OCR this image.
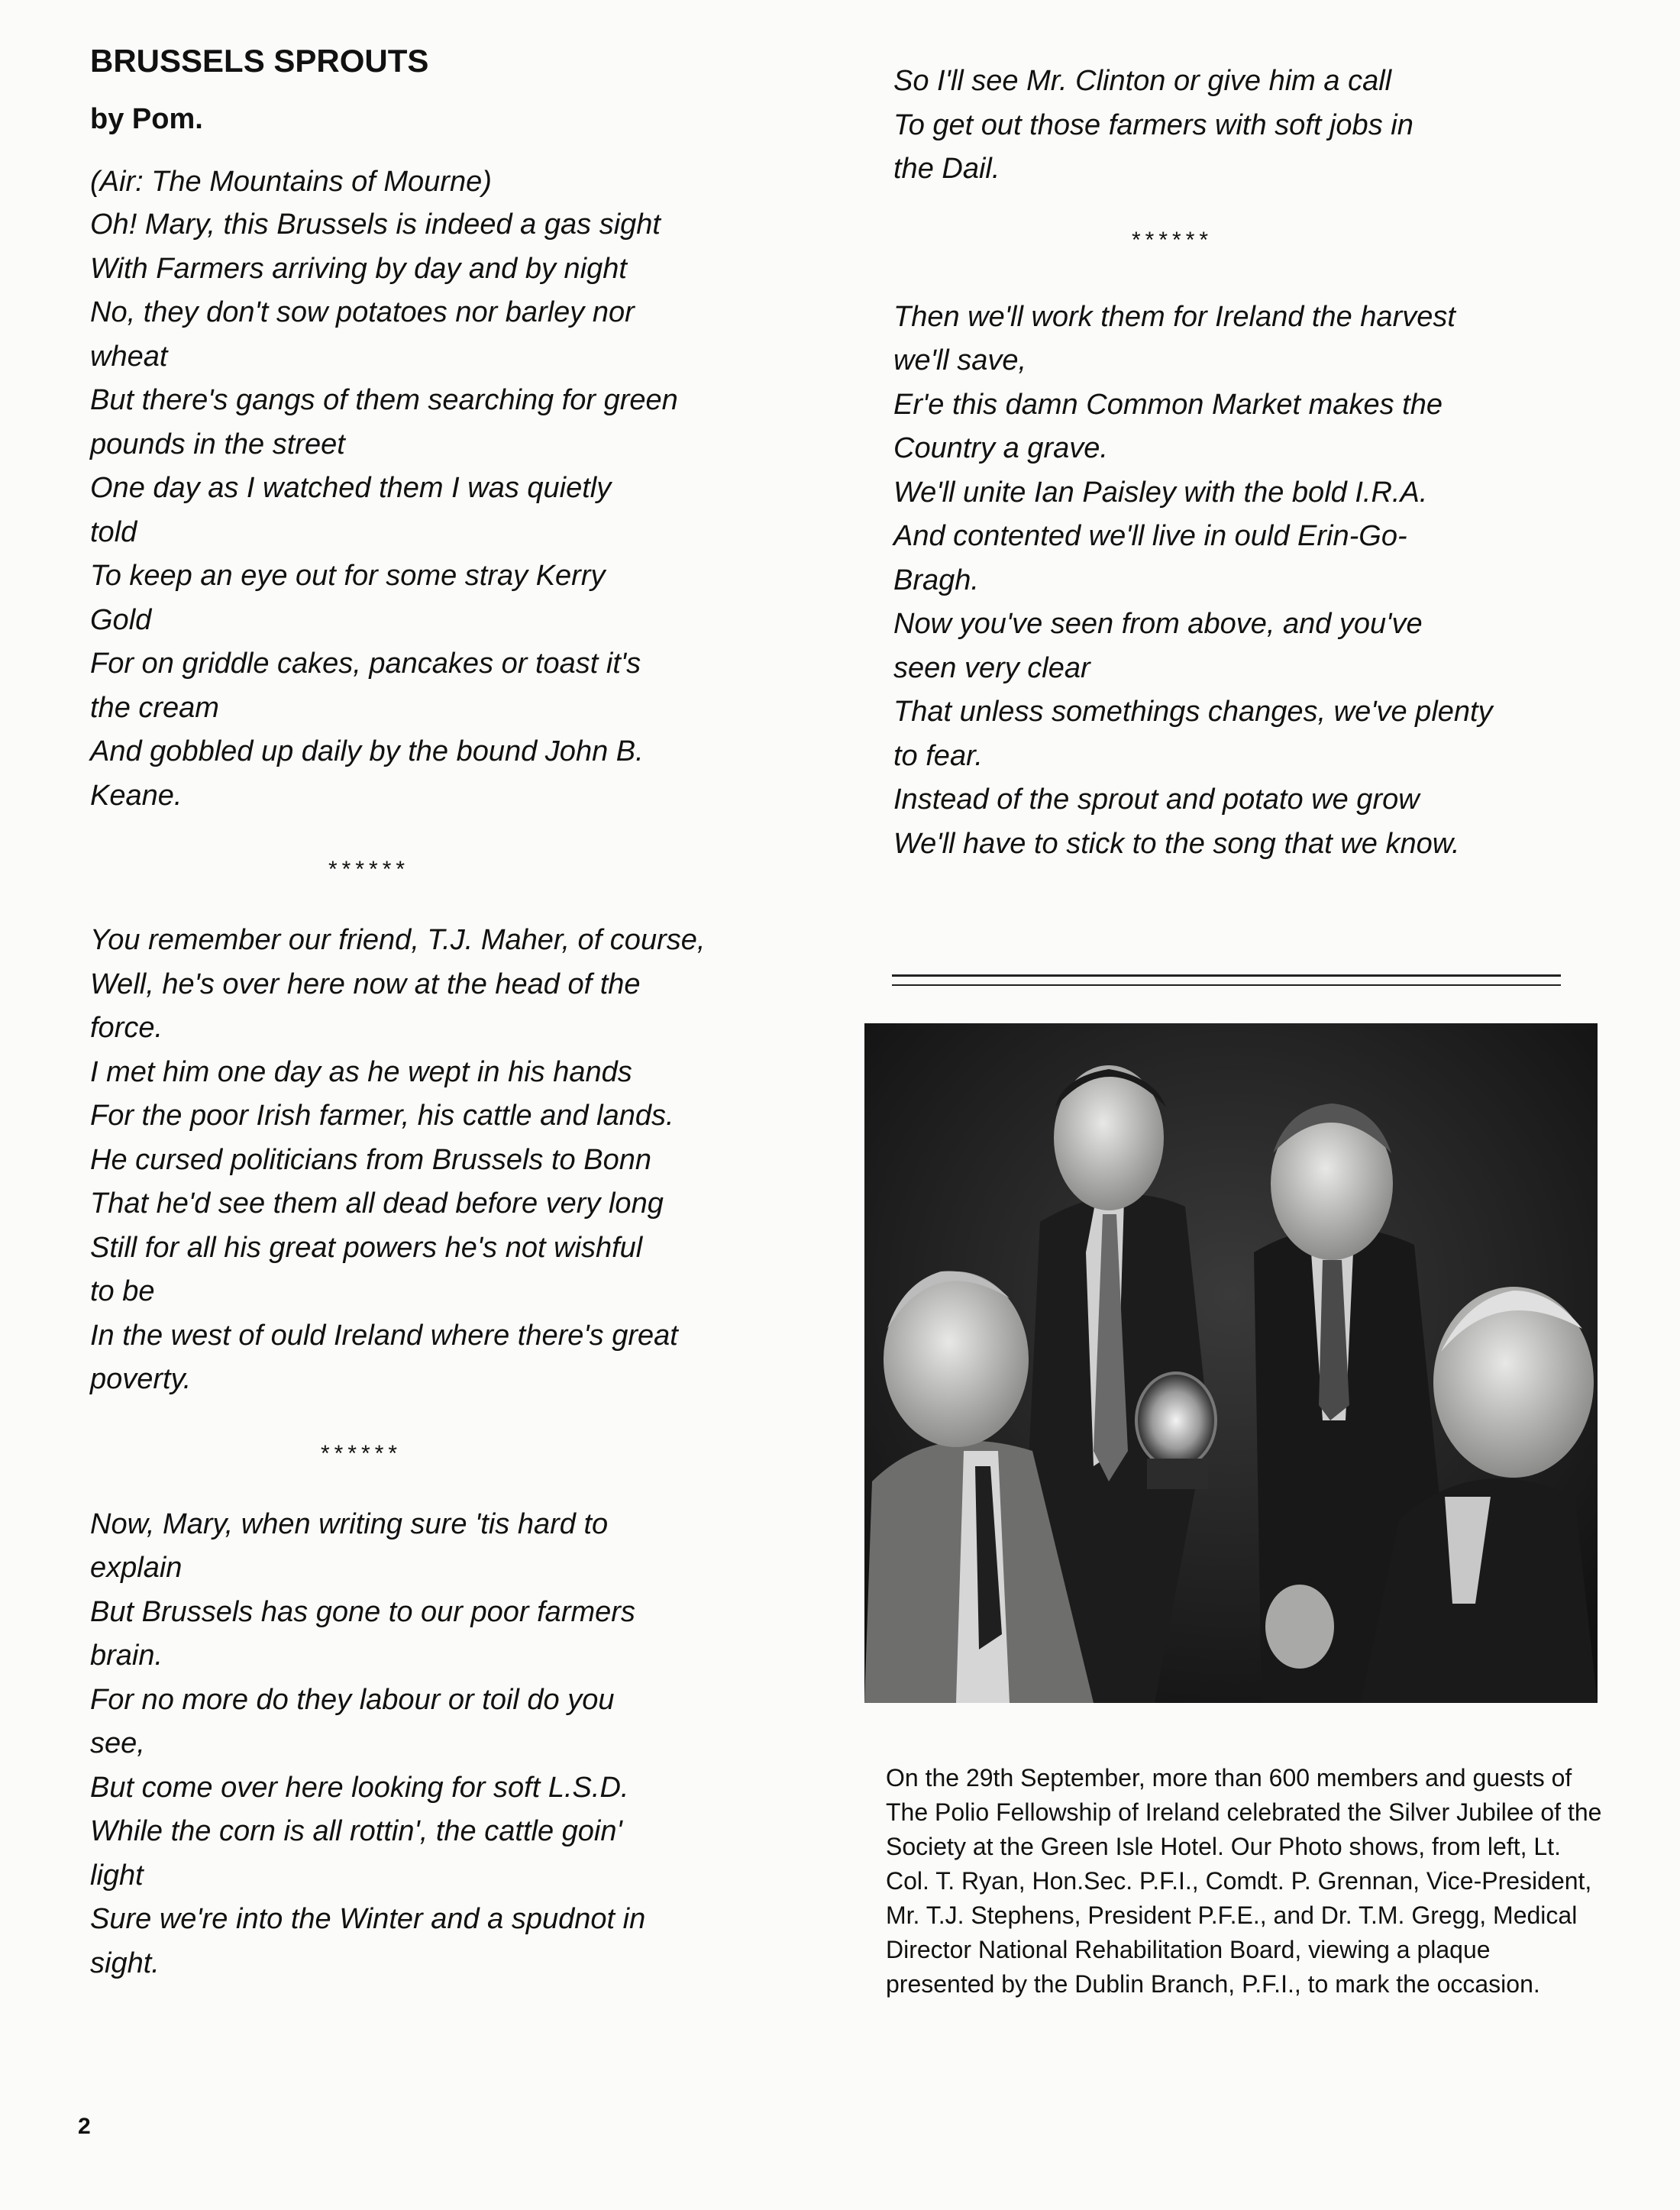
BRUSSELS SPROUTS

by Pom.

(Air: The Mountains of Mourne)

Oh! Mary, this Brussels is indeed a gas sight
With Farmers arriving by day and by night
No, they don't sow potatoes nor barley nor
wheat
But there's gangs of them searching for green
pounds in the street
One day as I watched them I was quietly
told
To keep an eye out for some stray Kerry
Gold
For on griddle cakes, pancakes or toast it's
the cream
And gobbled up daily by the bound John B.
Keane.
******
You remember our friend, T.J. Maher, of course,
Well, he's over here now at the head of the
force.
I met him one day as he wept in his hands
For the poor Irish farmer, his cattle and lands.
He cursed politicians from Brussels to Bonn
That he'd see them all dead before very long
Still for all his great powers he's not wishful
to be
In the west of ould Ireland where there's great
poverty.
******
Now, Mary, when writing sure 'tis hard to
explain
But Brussels has gone to our poor farmers
brain.
For no more do they labour or toil do you
see,
But come over here looking for soft L.S.D.
While the corn is all rottin', the cattle goin'
light
Sure we're into the Winter and a spudnot in
sight.
So I'll see Mr. Clinton or give him a call
To get out those farmers with soft jobs in
the Dail.
******
Then we'll work them for Ireland the harvest
we'll save,
Er'e this damn Common Market makes the
Country a grave.
We'll unite Ian Paisley with the bold I.R.A.
And contented we'll live in ould Erin-Go-
Bragh.
Now you've seen from above, and you've
seen very clear
That unless somethings changes, we've plenty
to fear.
Instead of the sprout and potato we grow
We'll have to stick to the song that we know.

On the 29th September, more than 600 members and guests of The Polio Fellowship of Ireland celebrated the Silver Jubilee of the Society at the Green Isle Hotel. Our Photo shows, from left, Lt. Col. T. Ryan, Hon.Sec. P.F.I., Comdt. P. Grennan, Vice-President, Mr. T.J. Stephens, President P.F.E., and Dr. T.M. Gregg, Medical Director National Rehabilitation Board, viewing a plaque presented by the Dublin Branch, P.F.I., to mark the occasion.

2
